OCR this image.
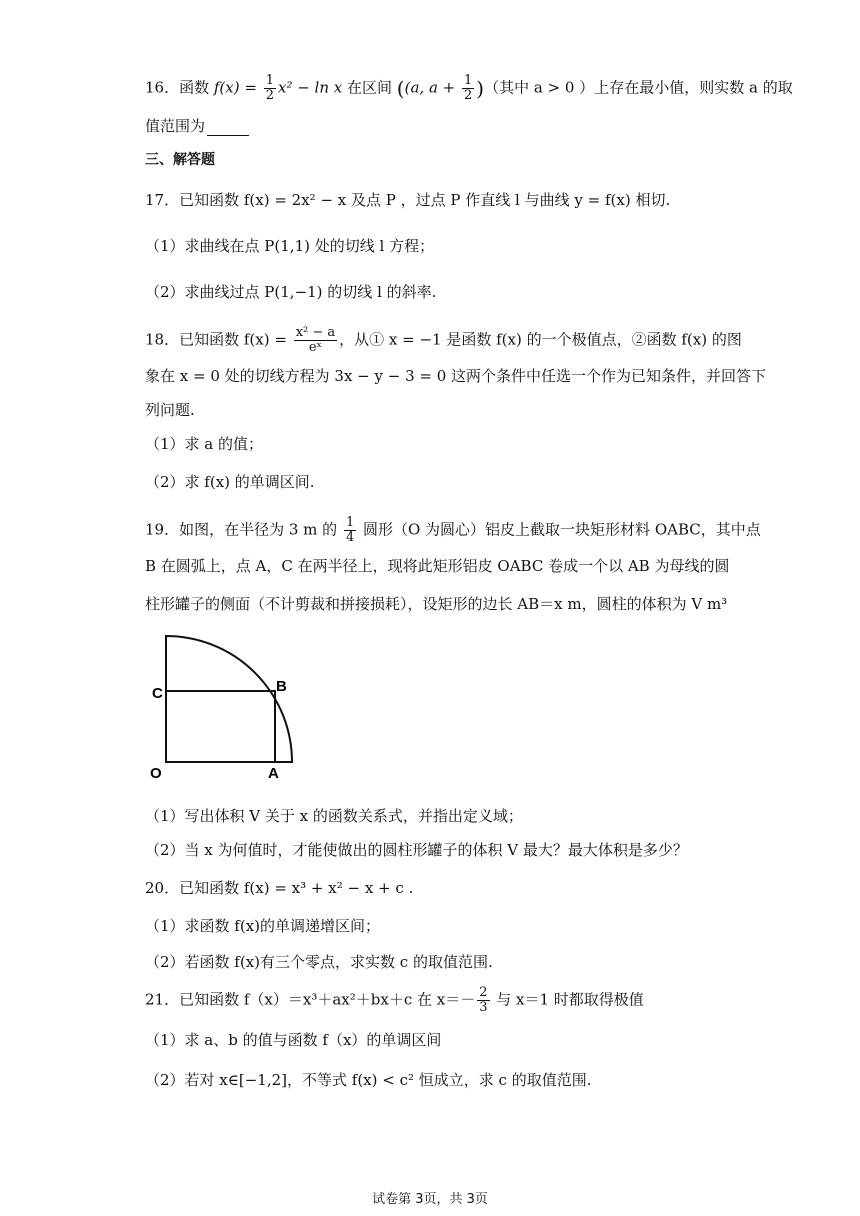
16．函数 $f(x) = \frac{1}{2} x^2 - \ln x$ 在区间 ((a, $a + \frac{1}{2}$ )（其中 a > 0 ）上存在最小值，则实数 a 的取
值范围为
三、解答题
17．已知函数 f(x) = 2x² − x 及点 P ，过点 P 作直线 l 与曲线 y = f(x) 相切.
（1）求曲线在点 P(1,1) 处的切线 l 方程；
（2）求曲线过点 P(1,−1) 的切线 l 的斜率.
18．已知函数 $f(x) = \frac{\text{x² − a}}{\text{eˣ}}$ ，从① x = −1 是函数 f(x) 的一个极值点，②函数 f(x) 的图
象在 x = 0 处的切线方程为 3x − y − 3 = 0 这两个条件中任选一个作为已知条件，并回答下
列问题.
（1）求 a 的值；
（2）求 f(x) 的单调区间.
19．如图，在半径为 3 m 的 $\frac{1}{4}$ 圆形（O 为圆心）铝皮上截取一块矩形材料 OABC，其中点
B 在圆弧上，点 A，C 在两半径上，现将此矩形铝皮 OABC 卷成一个以 AB 为母线的圆
柱形罐子的侧面（不计剪裁和拼接损耗），设矩形的边长 AB＝x m，圆柱的体积为 V m³
C	B
O	A
（1）写出体积 V 关于 x 的函数关系式，并指出定义域；
（2）当 x 为何值时，才能使做出的圆柱形罐子的体积 V 最大？最大体积是多少？
20．已知函数 f(x) = x³ + x² − x + c .
（1）求函数 f(x)的单调递增区间；
（2）若函数 f(x)有三个零点，求实数 c 的取值范围.
21．已知函数 f（x）＝x³＋ax²＋bx＋c 在 $x=- \frac{2}{3}$ 与 x＝1 时都取得极值
（1）求 a、b 的值与函数 f（x）的单调区间
（2）若对 x∈[−1,2]，不等式 f(x) < c² 恒成立，求 c 的取值范围.
试卷第 3页，共 3页
